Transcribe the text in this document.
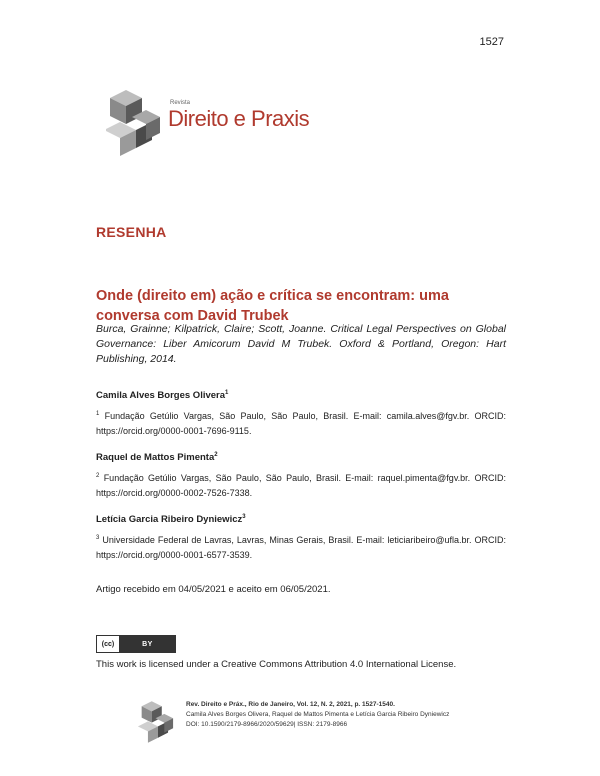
1527
Revista
Direito e Praxis
RESENHA
Onde (direito em) ação e crítica se encontram: uma conversa com David Trubek
Burca, Grainne; Kilpatrick, Claire; Scott, Joanne. Critical Legal Perspectives on Global Governance: Liber Amicorum David M Trubek. Oxford & Portland, Oregon: Hart Publishing, 2014.
Camila Alves Borges Olivera$^1$
$^1$ Fundação Getúlio Vargas, São Paulo, São Paulo, Brasil. E-mail: camila.alves@fgv.br. ORCID: https://orcid.org/0000-0001-7696-9115.
Raquel de Mattos Pimenta$^2$
$^2$ Fundação Getúlio Vargas, São Paulo, São Paulo, Brasil. E-mail: raquel.pimenta@fgv.br. ORCID: https://orcid.org/0000-0002-7526-7338.
Letícia Garcia Ribeiro Dyniewicz$^3$
$^3$ Universidade Federal de Lavras, Lavras, Minas Gerais, Brasil. E-mail: leticiaribeiro@ufla.br. ORCID: https://orcid.org/0000-0001-6577-3539.
Artigo recebido em 04/05/2021 e aceito em 06/05/2021.
(cc)	BY
This work is licensed under a Creative Commons Attribution 4.0 International License.
Rev. Direito e Práx., Rio de Janeiro, Vol. 12, N. 2, 2021, p. 1527-1540.
Camila Alves Borges Olivera, Raquel de Mattos Pimenta e Letícia Garcia Ribeiro Dyniewicz
DOI: 10.1590/2179-8966/2020/59629| ISSN: 2179-8966
